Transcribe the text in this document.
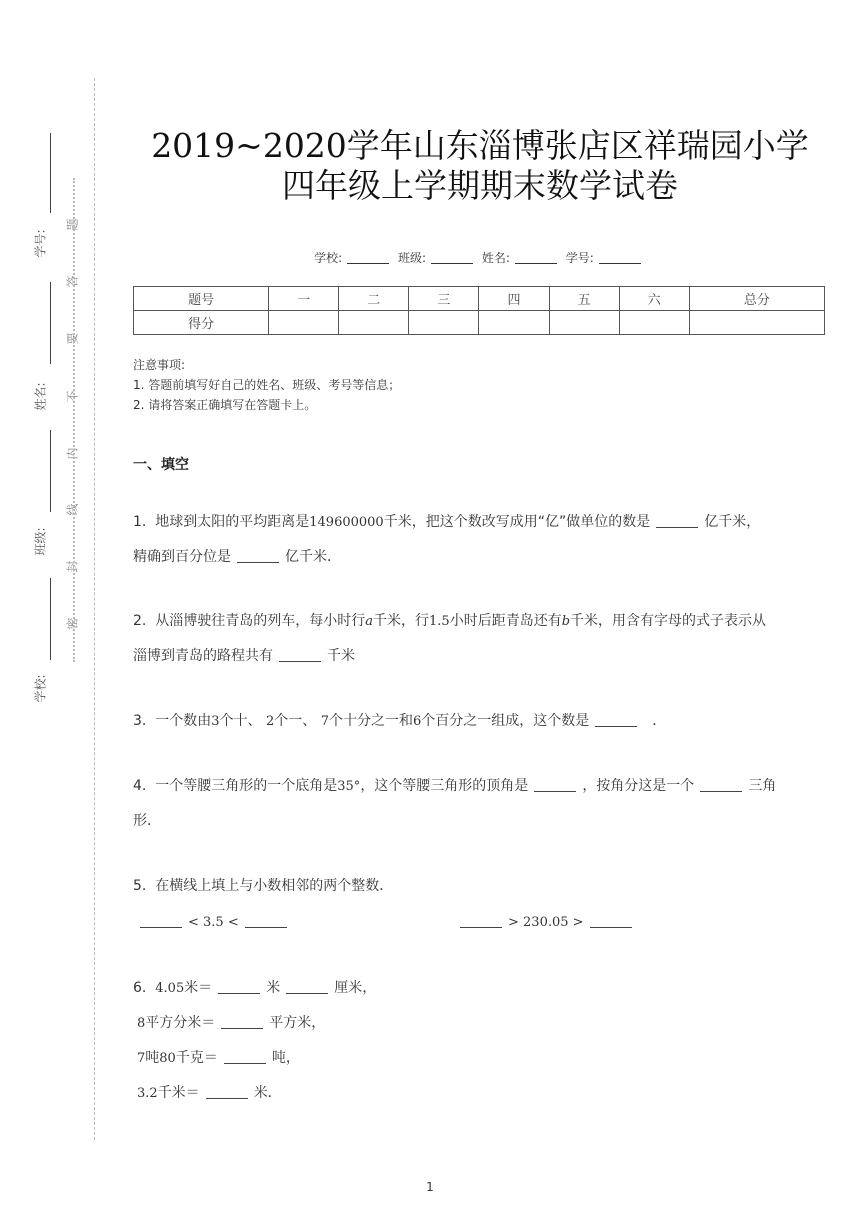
学号:
姓名:
班级:
学校:
题
答
要
不
内
线
封
密
2019~2020学年山东淄博张店区祥瑞园小学
四年级上学期期末数学试卷
学校:	班级:	姓名:	学号:
题号	一	二	三	四	五	六	总分
得分							
注意事项:
1. 答题前填写好自己的姓名、班级、考号等信息；
2. 请将答案正确填写在答题卡上。
一、填空
1. 地球到太阳的平均距离是149600000千米，把这个数改写成用“亿”做单位的数是	亿千米，
精确到百分位是	亿千米．
2. 从淄博驶往青岛的列车，每小时行a千米，行1.5小时后距青岛还有b千米，用含有字母的式子表示从
淄博到青岛的路程共有	千米
3. 一个数由3个十、 2个一、 7个十分之一和6个百分之一组成，这个数是	．
4. 一个等腰三角形的一个底角是35°，这个等腰三角形的顶角是	，按角分这是一个	三角
形．
5. 在横线上填上与小数相邻的两个整数．
< 3.5 <	> 230.05 >
6. 4.05米＝	米	厘米，
8平方分米＝	平方米，
7吨80千克＝	吨，
3.2千米＝	米．
1
